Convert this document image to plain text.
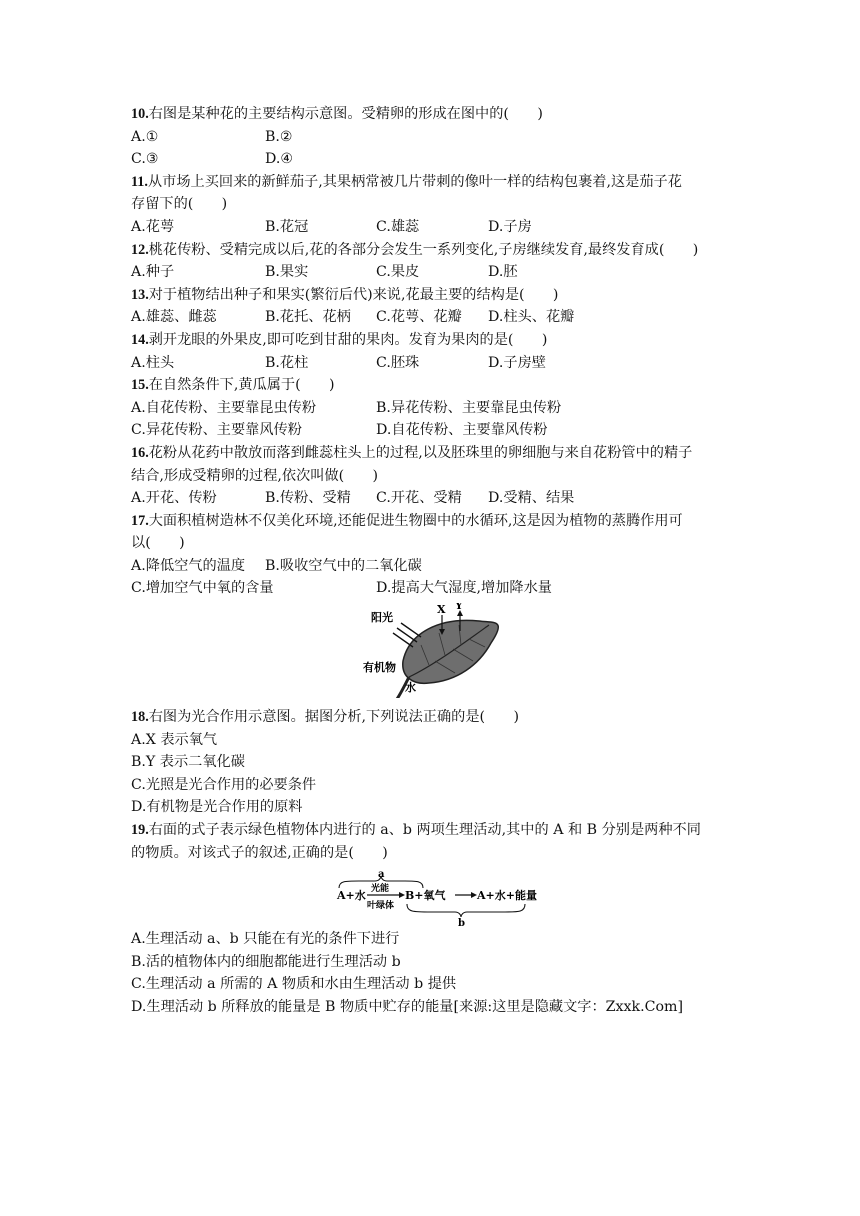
10.右图是某种花的主要结构示意图。受精卵的形成在图中的(　　)
A.①	B.②
C.③	D.④
11.从市场上买回来的新鲜茄子,其果柄常被几片带刺的像叶一样的结构包裹着,这是茄子花
存留下的(　　)
A.花萼	B.花冠	C.雄蕊	D.子房
12.桃花传粉、受精完成以后,花的各部分会发生一系列变化,子房继续发育,最终发育成(　　)
A.种子	B.果实	C.果皮	D.胚
13.对于植物结出种子和果实(繁衍后代)来说,花最主要的结构是(　　)
A.雄蕊、雌蕊	B.花托、花柄 C.花萼、花瓣 D.柱头、花瓣
14.剥开龙眼的外果皮,即可吃到甘甜的果肉。发育为果肉的是(　　)
A.柱头	B.花柱	C.胚珠	D.子房壁
15.在自然条件下,黄瓜属于(　　)
A.自花传粉、主要靠昆虫传粉	B.异花传粉、主要靠昆虫传粉
C.异花传粉、主要靠风传粉	D.自花传粉、主要靠风传粉
16.花粉从花药中散放而落到雌蕊柱头上的过程,以及胚珠里的卵细胞与来自花粉管中的精子
结合,形成受精卵的过程,依次叫做(　　)
A.开花、传粉	B.传粉、受精 C.开花、受精 D.受精、结果
17.大面积植树造林不仅美化环境,还能促进生物圈中的水循环,这是因为植物的蒸腾作用可
以(　　)
A.降低空气的温度 B.吸收空气中的二氧化碳
C.增加空气中氧的含量	D.提高大气湿度,增加降水量
阳光
X Y
有机物
水
18.右图为光合作用示意图。据图分析,下列说法正确的是(　　)
A.X 表示氧气
B.Y 表示二氧化碳
C.光照是光合作用的必要条件
D.有机物是光合作用的原料
19.右面的式子表示绿色植物体内进行的 a、b 两项生理活动,其中的 A 和 B 分别是两种不同
的物质。对该式子的叙述,正确的是(　　)
a
A+水 光能
叶绿体
B+氧气	A+水+能量
b
A.生理活动 a、b 只能在有光的条件下进行
B.活的植物体内的细胞都能进行生理活动 b
C.生理活动 a 所需的 A 物质和水由生理活动 b 提供
D.生理活动 b 所释放的能量是 B 物质中贮存的能量[来源:这里是隐藏文字：Zxxk.Com]
